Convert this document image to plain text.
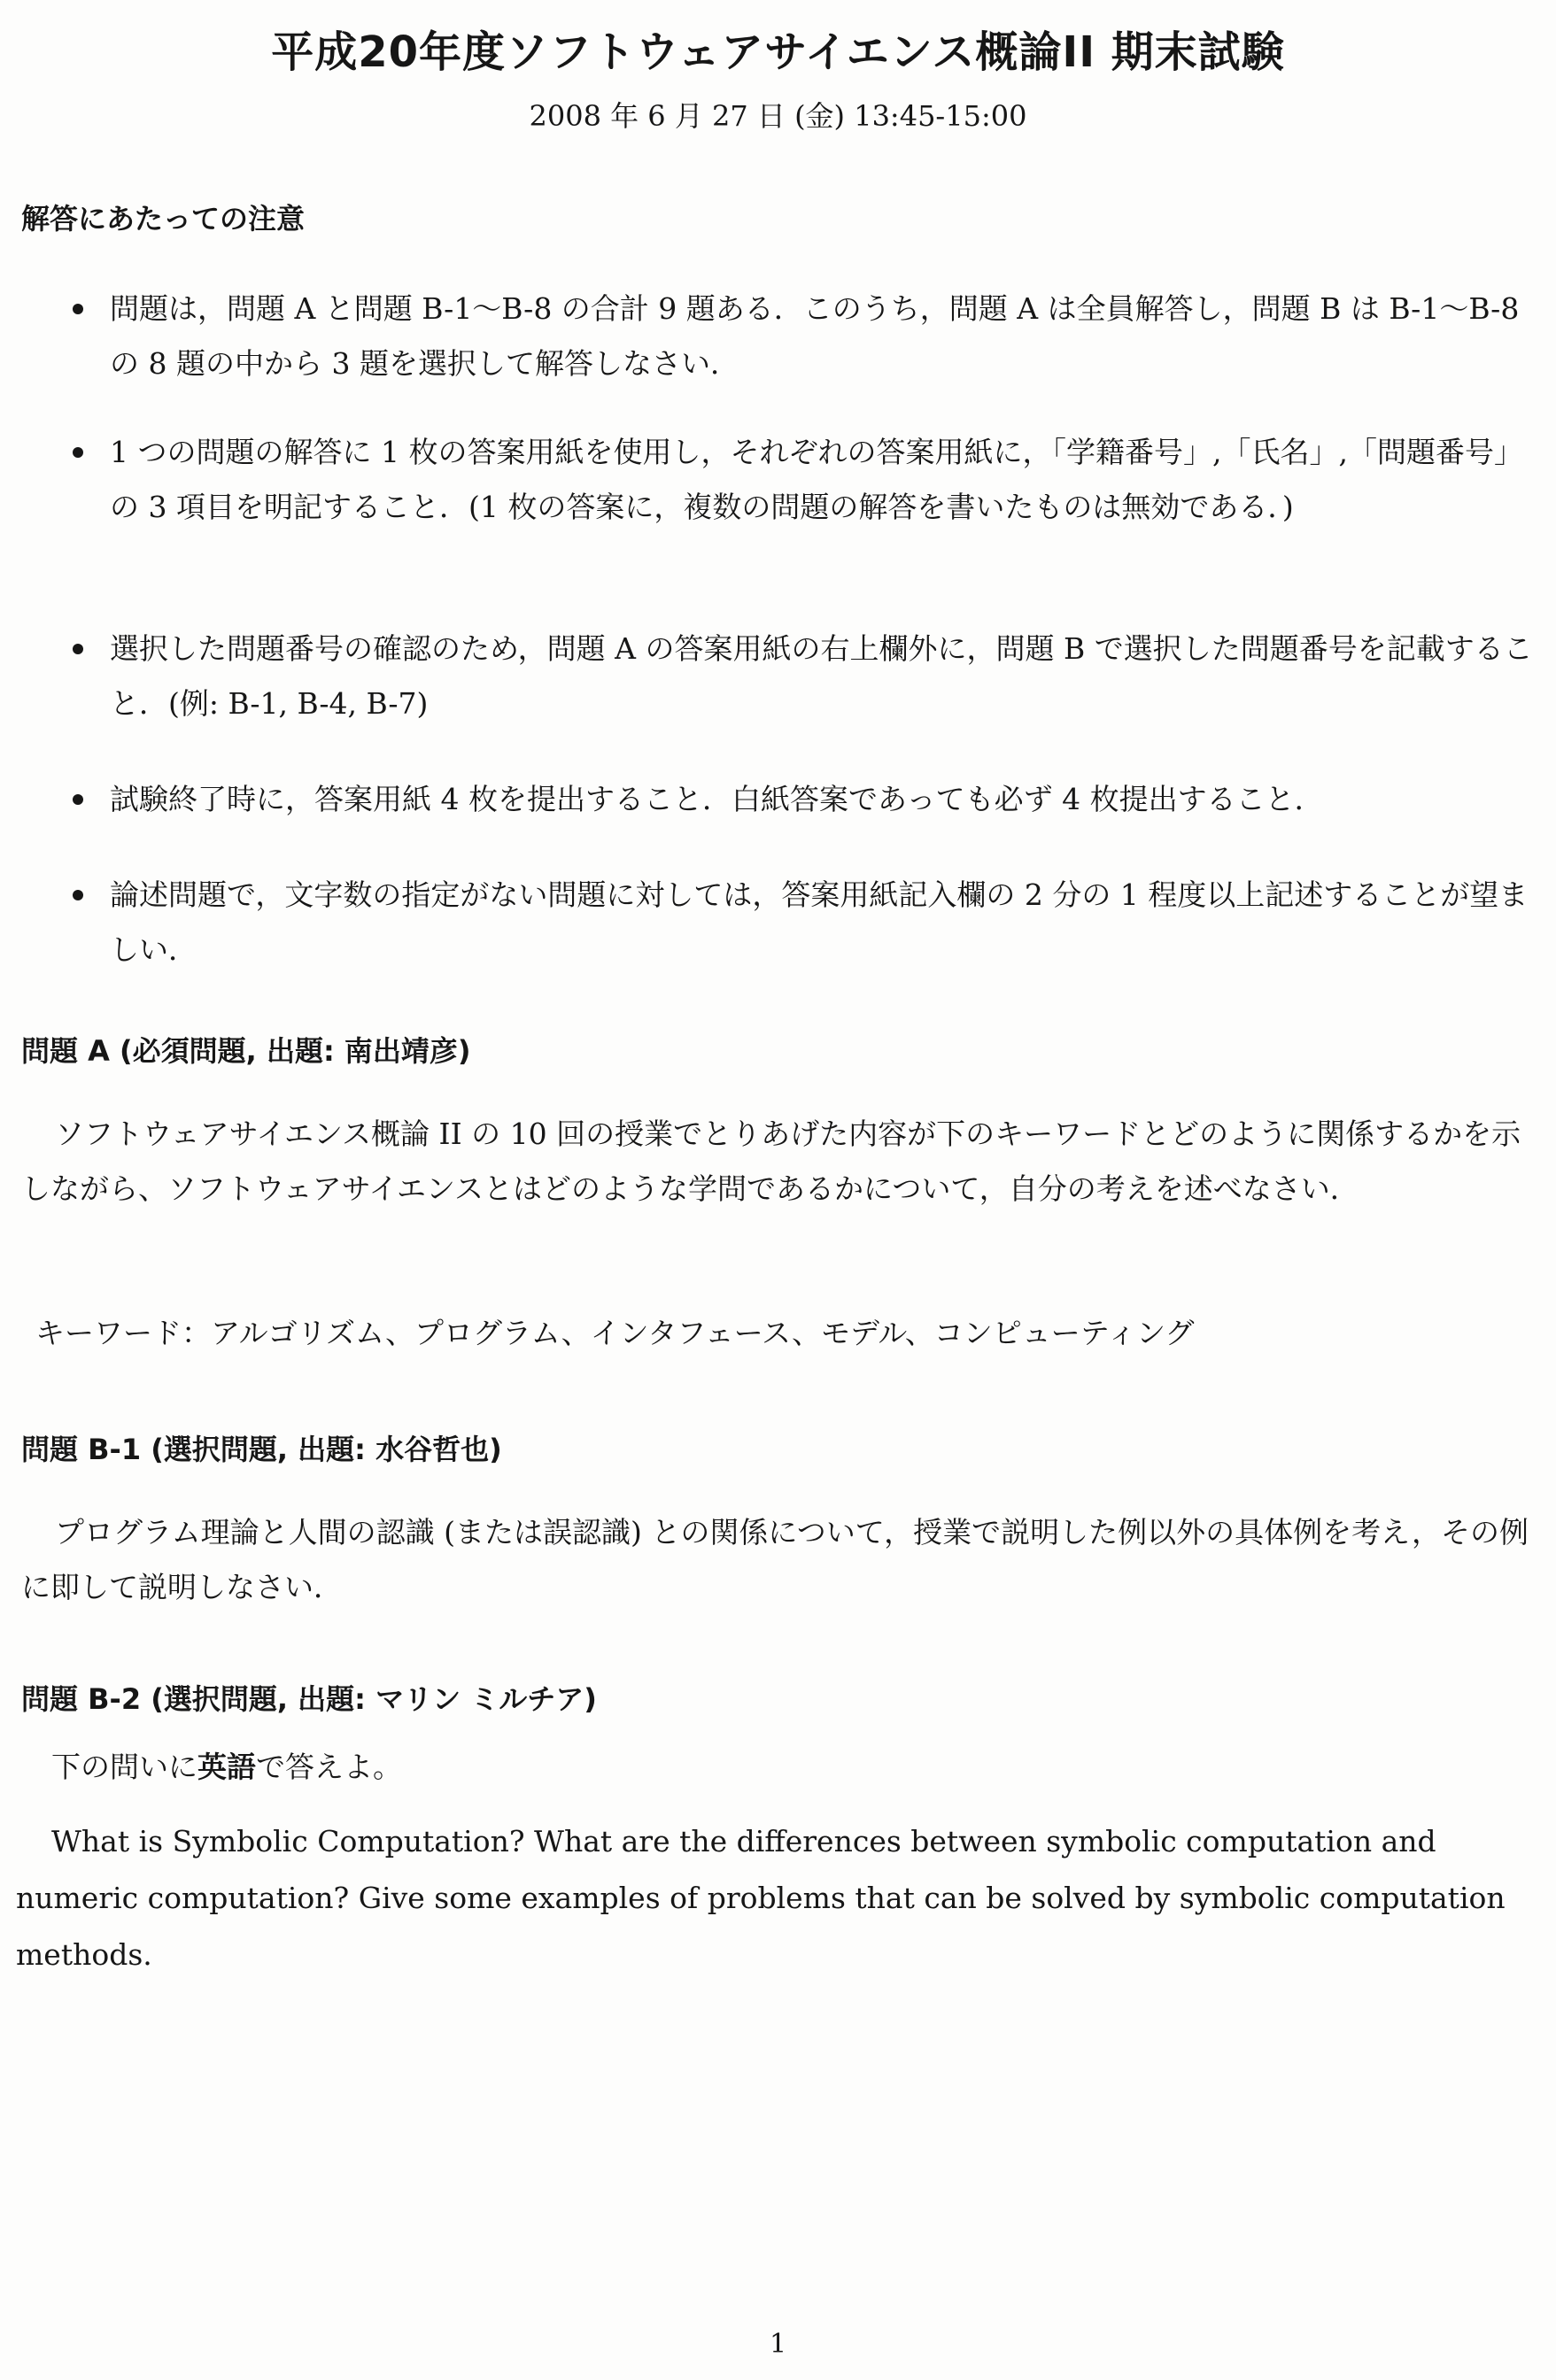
平成20年度ソフトウェアサイエンス概論II 期末試験
2008 年 6 月 27 日 (金) 13:45-15:00
解答にあたっての注意
問題は，問題 A と問題 B-1〜B-8 の合計 9 題ある．このうち，問題 A は全員解答し，問題 B は B-1〜B-8 の 8 題の中から 3 題を選択して解答しなさい．
1 つの問題の解答に 1 枚の答案用紙を使用し，それぞれの答案用紙に，「学籍番号」,「氏名」,「問題番号」の 3 項目を明記すること．(1 枚の答案に，複数の問題の解答を書いたものは無効である．)
選択した問題番号の確認のため，問題 A の答案用紙の右上欄外に，問題 B で選択した問題番号を記載すること．(例: B-1, B-4, B-7)
試験終了時に，答案用紙 4 枚を提出すること．白紙答案であっても必ず 4 枚提出すること．
論述問題で，文字数の指定がない問題に対しては，答案用紙記入欄の 2 分の 1 程度以上記述することが望ましい．
問題 A (必須問題, 出題: 南出靖彦)
ソフトウェアサイエンス概論 II の 10 回の授業でとりあげた内容が下のキーワードとどのように関係するかを示しながら、ソフトウェアサイエンスとはどのような学問であるかについて，自分の考えを述べなさい．
キーワード：アルゴリズム、プログラム、インタフェース、モデル、コンピューティング
問題 B-1 (選択問題, 出題: 水谷哲也)
プログラム理論と人間の認識 (または誤認識) との関係について，授業で説明した例以外の具体例を考え，その例に即して説明しなさい．
問題 B-2 (選択問題, 出題: マリン ミルチア)
下の問いに英語で答えよ。
What is Symbolic Computation? What are the differences between symbolic computation and numeric computation? Give some examples of problems that can be solved by symbolic computation methods.
1
